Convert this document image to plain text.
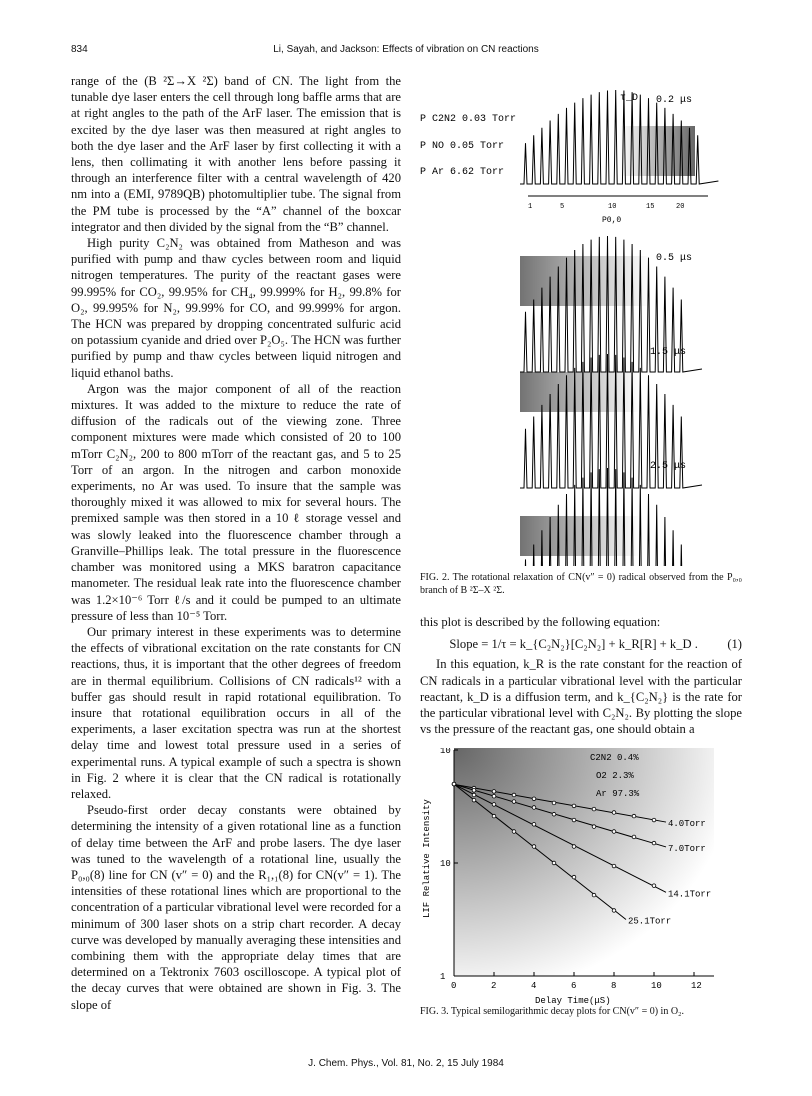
834	Li, Sayah, and Jackson: Effects of vibration on CN reactions

range of the (B ²Σ→X ²Σ) band of CN. The light from the tunable dye laser enters the cell through long baffle arms that are at right angles to the path of the ArF laser. The emission that is excited by the dye laser was then measured at right angles to both the dye laser and the ArF laser by first collecting it with a lens, then collimating it with another lens before passing it through an interference filter with a central wavelength of 420 nm into a (EMI, 9789QB) photomultiplier tube. The signal from the PM tube is processed by the “A” channel of the boxcar integrator and then divided by the signal from the “B” channel.

High purity C₂N₂ was obtained from Matheson and was purified with pump and thaw cycles between room and liquid nitrogen temperatures. The purity of the reactant gases were 99.995% for CO₂, 99.95% for CH₄, 99.999% for H₂, 99.8% for O₂, 99.995% for N₂, 99.99% for CO, and 99.999% for argon. The HCN was prepared by dropping concentrated sulfuric acid on potassium cyanide and dried over P₂O₅. The HCN was further purified by pump and thaw cycles between liquid nitrogen and liquid ethanol baths.

Argon was the major component of all of the reaction mixtures. It was added to the mixture to reduce the rate of diffusion of the radicals out of the viewing zone. Three component mixtures were made which consisted of 20 to 100 mTorr C₂N₂, 200 to 800 mTorr of the reactant gas, and 5 to 25 Torr of an argon. In the nitrogen and carbon monoxide experiments, no Ar was used. To insure that the sample was thoroughly mixed it was allowed to mix for several hours. The premixed sample was then stored in a 10 ℓ storage vessel and was slowly leaked into the fluorescence chamber through a Granville–Phillips leak. The total pressure in the fluorescence chamber was monitored using a MKS baratron capacitance manometer. The residual leak rate into the fluorescence chamber was 1.2×10⁻⁶ Torr ℓ/s and it could be pumped to an ultimate pressure of less than 10⁻⁵ Torr.

Our primary interest in these experiments was to determine the effects of vibrational excitation on the rate constants for CN reactions, thus, it is important that the other degrees of freedom are in thermal equilibrium. Collisions of CN radicals¹² with a buffer gas should result in rapid rotational equilibration. To insure that rotational equilibration occurs in all of the experiments, a laser excitation spectra was run at the shortest delay time and lowest total pressure used in a series of experimental runs. A typical example of such a spectra is shown in Fig. 2 where it is clear that the CN radical is rotationally relaxed.

Pseudo-first order decay constants were obtained by determining the intensity of a given rotational line as a function of delay time between the ArF and probe lasers. The dye laser was tuned to the wavelength of a rotational line, usually the P₀,₀(8) line for CN (v″ = 0) and the R₁,₁(8) for CN(v″ = 1). The intensities of these rotational lines which are proportional to the concentration of a particular vibrational level were recorded for a minimum of 300 laser shots on a strip chart recorder. A decay curve was developed by manually averaging these intensities and combining them with the appropriate delay times that are determined on a Tektronix 7603 oscilloscope. A typical plot of the decay curves that were obtained are shown in Fig. 3. The slope of

P C2N2 0.03 Torr
P NO 0.05 Torr
P Ar 6.62 Torr
τ_D 0.2 μs
0.5 μs
1.5 μs
2.5 μs
P0,0
1	5	10	15	20
FIG. 2. The rotational relaxation of CN(v″ = 0) radical observed from the P₀,₀ branch of B ²Σ–X ²Σ.

this plot is described by the following equation:

Slope = 1/τ = k_{C₂N₂}[C₂N₂] + k_R[R] + k_D . (1)

In this equation, k_R is the rate constant for the reaction of CN radicals in a particular vibrational level with the particular reactant, k_D is a diffusion term, and k_{C₂N₂} is the rate for the particular vibrational level with C₂N₂. By plotting the slope vs the pressure of the reactant gas, one should obtain a

C2N2 0.4%
O2 2.3%
Ar 97.3%
0	2	4	6	8	10	12
1
10
10
4.0Torr
7.0Torr
14.1Torr
25.1Torr
Delay Time(μS)
LIF Relative Intensity
FIG. 3. Typical semilogarithmic decay plots for CN(v″ = 0) in O₂.
J. Chem. Phys., Vol. 81, No. 2, 15 July 1984
